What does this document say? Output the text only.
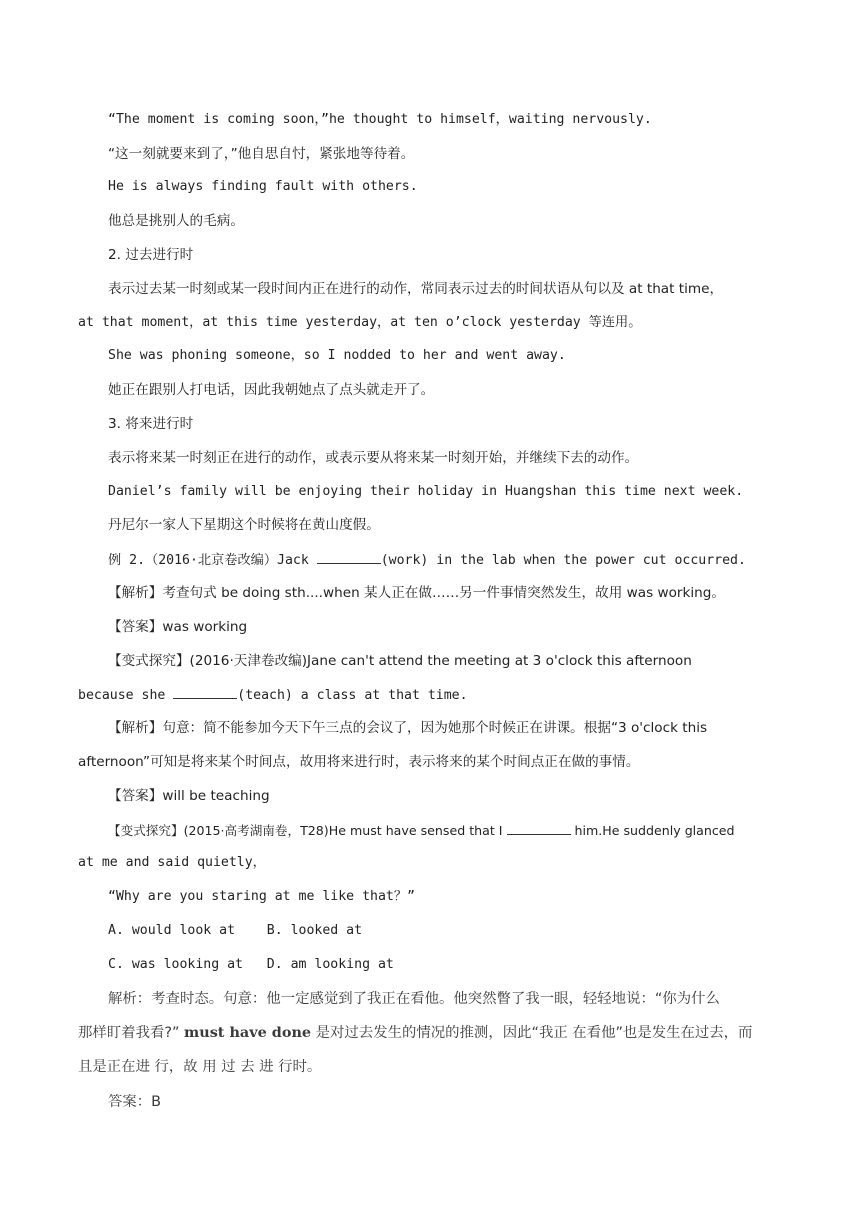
“The moment is coming soon，”he thought to himself，waiting nervously.
“这一刻就要来到了，”他自思自忖，紧张地等待着。
He is always finding fault with others.
他总是挑别人的毛病。
2. 过去进行时
表示过去某一时刻或某一段时间内正在进行的动作，常同表示过去的时间状语从句以及 at that time，
at that moment，at this time yesterday，at ten o’clock yesterday 等连用。
She was phoning someone，so I nodded to her and went away.
她正在跟别人打电话，因此我朝她点了点头就走开了。
3. 将来进行时
表示将来某一时刻正在进行的动作，或表示要从将来某一时刻开始，并继续下去的动作。
Daniel’s family will be enjoying their holiday in Huangshan this time next week.
丹尼尔一家人下星期这个时候将在黄山度假。
例 2.（2016·北京卷改编）Jack	(work) in the lab when the power cut occurred.
【解析】考查句式 be doing sth....when 某人正在做……另一件事情突然发生，故用 was working。
【答案】was working
【变式探究】(2016·天津卷改编)Jane can't attend the meeting at 3 o'clock this afternoon
because she	(teach) a class at that time.
【解析】句意：简不能参加今天下午三点的会议了，因为她那个时候正在讲课。根据“3 o'clock this
afternoon”可知是将来某个时间点，故用将来进行时，表示将来的某个时间点正在做的事情。
【答案】will be teaching
【变式探究】(2015·高考湖南卷，T28)He must have sensed that I	him.He suddenly glanced
at me and said quietly，
“Why are you staring at me like that？”
A. would look at    B. looked at
C. was looking at   D. am looking at
解析：考查时态。句意：他一定感觉到了我正在看他。他突然瞥了我一眼，轻轻地说：“你为什么
那样盯着我看?” must have done 是对过去发生的情况的推测，因此“我正 在看他”也是发生在过去，而
且是正在进 行，故 用 过 去 进 行时。
答案：B
